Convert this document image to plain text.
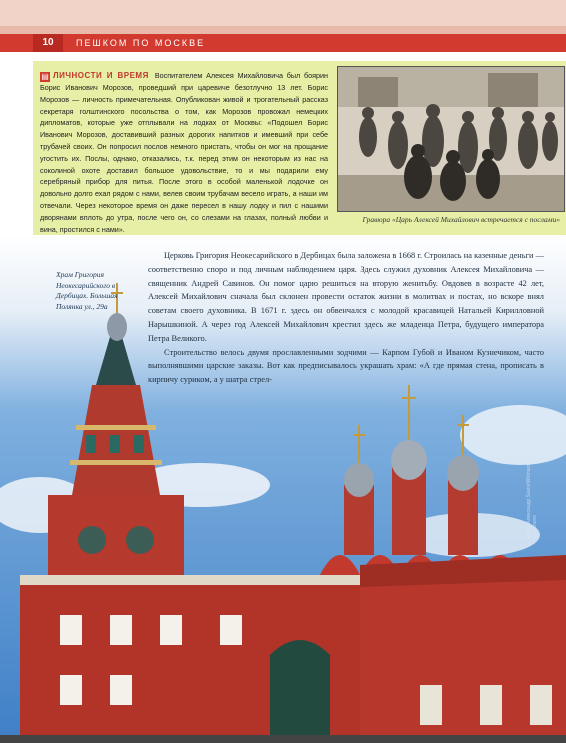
10	ПЕШКОМ ПО МОСКВЕ
▤ ЛИЧНОСТИ И ВРЕМЯ Воспитателем Алексея Михайловича был боярин Борис Иванович Морозов, проведший при царевиче безотлучно 13 лет. Борис Морозов — личность примечательная. Опубликован живой и трогательный рассказ секретаря голштинского посольства о том, как Морозов провожал немецких дипломатов, которые уже отплывали на лодках от Москвы: «Подошел Борис Иванович Морозов, доставивший разных дорогих напитков и имевший при себе трубачей своих. Он попросил послов немного пристать, чтобы он мог на прощание угостить их. Послы, однако, отказались, т.к. перед этим он некоторым из нас на соколиной охоте доставил большое удовольствие, то и мы подарили ему серебряный прибор для питья. После этого в особой маленькой лодочке он довольно долго ехал рядом с нами, велев своим трубачам весело играть, а наши им отвечали. Через некоторое время он даже пересел в нашу лодку и пил с нашими дворянами вплоть до утра, после чего он, со слезами на глазах, полный любви и вина, простился с нами».
Гравюра «Царь Алексей Михайлович встречается с послами»
Храм Григория Неокесарийского в Дербицах. Большая Полянка ул., 29а
Фото: Александр Savin/Wikimedia Commons

Церковь Григория Неокесарийского в Дербицах была заложена в 1668 г. Строилась на казенные деньги — соответственно споро и под личным наблюдением царя. Здесь служил духовник Алексея Михайловича — священник Андрей Савинов. Он помог царю решиться на вторую женитьбу. Овдовев в возрасте 42 лет, Алексей Михайлович сначала был склонен провести остаток жизни в молитвах и постах, но вскоре внял советам своего духовника. В 1671 г. здесь он обвенчался с молодой красавицей Натальей Кирилловной Нарышкиной. А через год Алексей Михайлович крестил здесь же младенца Петра, будущего императора Петра Великого.

Строительство велось двумя прославленными зодчими — Карпом Губой и Иваном Кузнечиком, часто выполнявшими царские заказы. Вот как предписывалось украшать храм: «А где прямая стена, прописать в кирпичу суриком, а у шатра стрел-
